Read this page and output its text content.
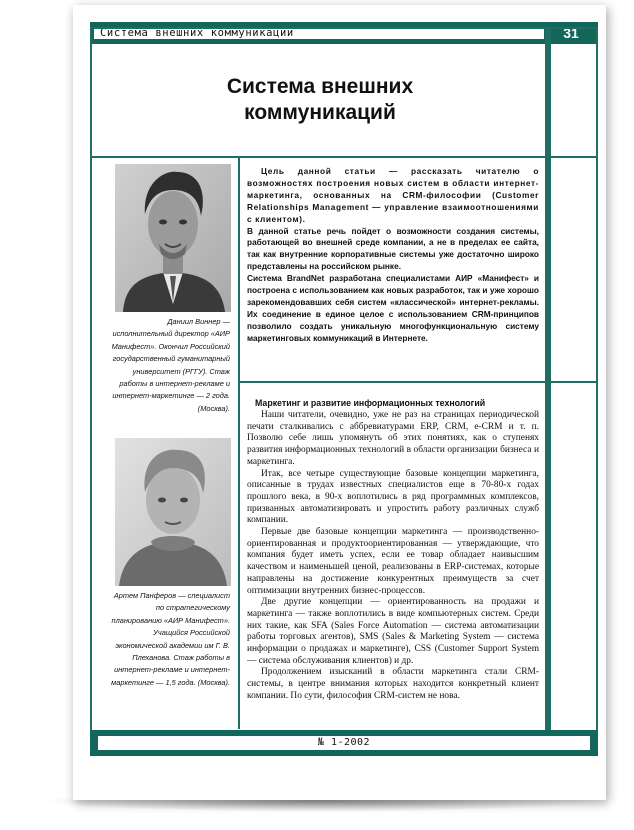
Система внешних коммуникаций	31
Система внешних коммуникаций
Даниил Виннер — исполнительный директор «АИР Манифест». Окончил Российский государственный гуманитарный университет (РГГУ). Стаж работы в интернет-рекламе и интернет-маркетинге — 2 года. (Москва).
Артем Панферов — специалист по стратегическому планированию «АИР Манифест». Учащийся Российской экономической академии им Г. В. Плеханова. Стаж работы в интернет-рекламе и интернет-маркетинге — 1,5 года. (Москва).

Цель данной статьи — рассказать читателю о возможностях построения новых систем в области интернет-маркетинга, основанных на CRM-философии (Customer Relationships Management — управление взаимоотношениями с клиентом).

В данной статье речь пойдет о возможности создания системы, работающей во внешней среде компании, а не в пределах ее сайта, так как внутренние корпоративные системы уже достаточно широко представлены на российском рынке.

Система BrandNet разработана специалистами АИР «Манифест» и построена с использованием как новых разработок, так и уже хорошо зарекомендовавших себя систем «классической» интернет-рекламы. Их соединение в единое целое с использованием CRM-принципов позволило создать уникальную многофункциональную систему маркетинговых коммуникаций в Интернете.

Маркетинг и развитие информационных технологий

Наши читатели, очевидно, уже не раз на страницах периодической печати сталкивались с аббревиатурами ERP, CRM, e-CRM и т. п. Позволю себе лишь упомянуть об этих понятиях, как о ступенях развития информационных технологий в области организации бизнеса и маркетинга.

Итак, все четыре существующие базовые концепции маркетинга, описанные в трудах известных специалистов еще в 70-80-х годах прошлого века, в 90-х воплотились в ряд программных комплексов, призванных автоматизировать и упростить работу различных служб компании.

Первые две базовые концепции маркетинга — производственно-ориентированная и продуктоориентированная — утверждающие, что компания будет иметь успех, если ее товар обладает наивысшим качеством и наименьшей ценой, реализованы в ERP-системах, которые направлены на достижение конкурентных преимуществ за счет оптимизации внутренних бизнес-процессов.

Две другие концепции — ориентированность на продажи и маркетинга — также воплотились в виде компьютерных систем. Среди них такие, как SFA (Sales Force Automation — система автоматизации работы торговых агентов), SMS (Sales & Marketing System — система информации о продажах и маркетинге), CSS (Customer Support System — система обслуживания клиентов) и др.

Продолжением изысканий в области маркетинга стали CRM-системы, в центре внимания которых находится конкретный клиент компании. По сути, философия CRM-систем не нова.

№ 1-2002
